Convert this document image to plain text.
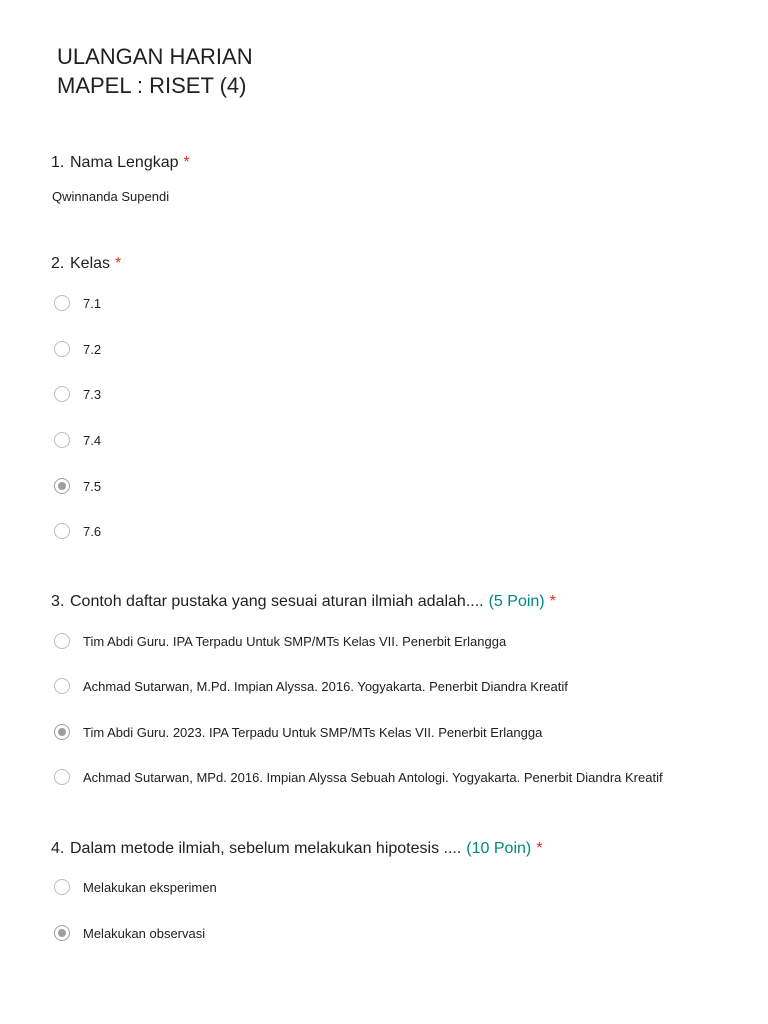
ULANGAN HARIAN
MAPEL : RISET (4)
1. Nama Lengkap *
Qwinnanda Supendi
2. Kelas *
7.1
7.2
7.3
7.4
7.5
7.6
3. Contoh daftar pustaka yang sesuai aturan ilmiah adalah.... (5 Poin) *
Tim Abdi Guru. IPA Terpadu Untuk SMP/MTs Kelas VII. Penerbit Erlangga
Achmad Sutarwan, M.Pd. Impian Alyssa. 2016. Yogyakarta. Penerbit Diandra Kreatif
Tim Abdi Guru. 2023. IPA Terpadu Untuk SMP/MTs Kelas VII. Penerbit Erlangga
Achmad Sutarwan, MPd. 2016. Impian Alyssa Sebuah Antologi. Yogyakarta. Penerbit Diandra Kreatif
4. Dalam metode ilmiah, sebelum melakukan hipotesis .... (10 Poin) *
Melakukan eksperimen
Melakukan observasi
